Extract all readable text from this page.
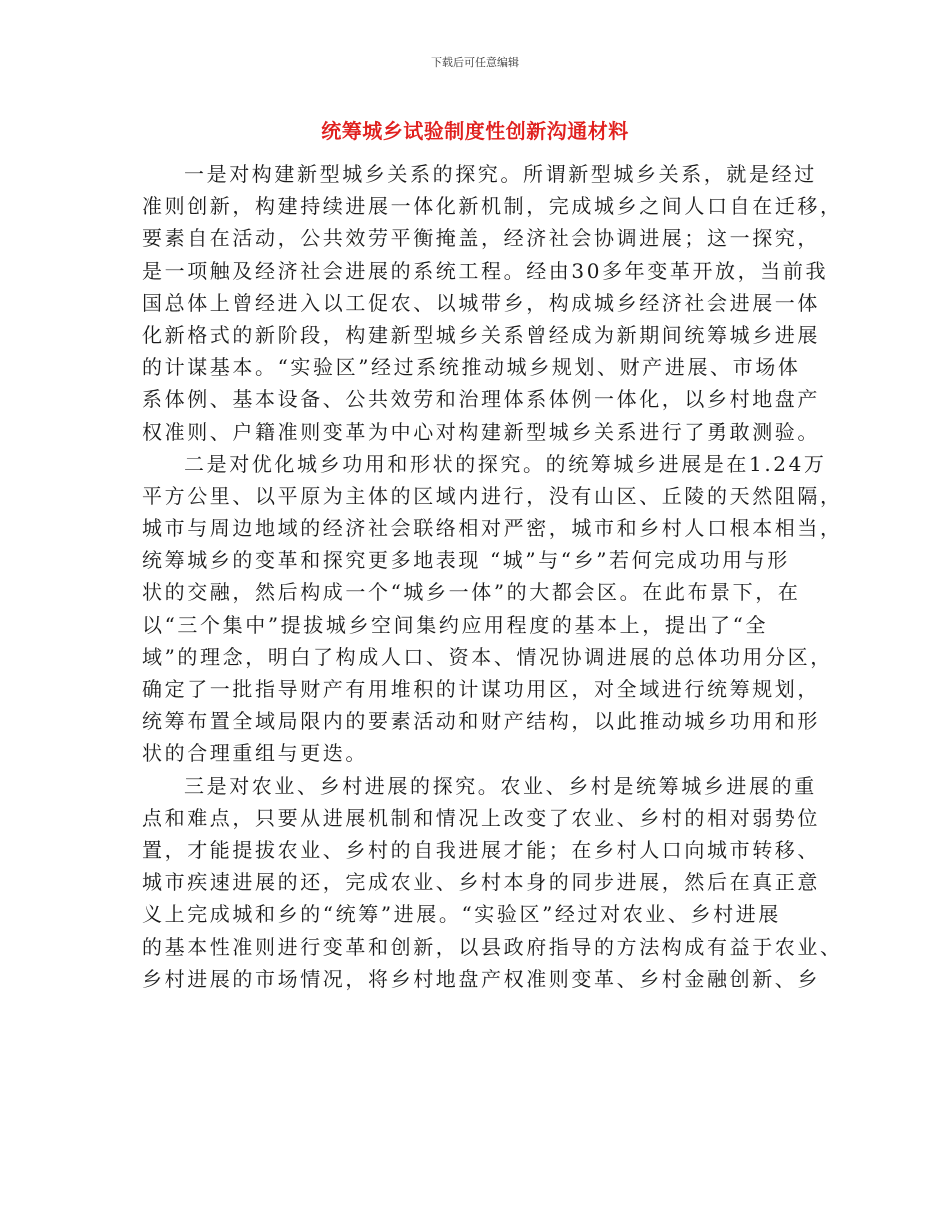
下载后可任意编辑
统筹城乡试验制度性创新沟通材料
一是对构建新型城乡关系的探究。所谓新型城乡关系，就是经过
准则创新，构建持续进展一体化新机制，完成城乡之间人口自在迁移，
要素自在活动，公共效劳平衡掩盖，经济社会协调进展；这一探究，
是一项触及经济社会进展的系统工程。经由30多年变革开放，当前我
国总体上曾经进入以工促农、以城带乡，构成城乡经济社会进展一体
化新格式的新阶段，构建新型城乡关系曾经成为新期间统筹城乡进展
的计谋基本。“实验区”经过系统推动城乡规划、财产进展、市场体
系体例、基本设备、公共效劳和治理体系体例一体化，以乡村地盘产
权准则、户籍准则变革为中心对构建新型城乡关系进行了勇敢测验。
二是对优化城乡功用和形状的探究。的统筹城乡进展是在1.24万
平方公里、以平原为主体的区域内进行，没有山区、丘陵的天然阻隔，
城市与周边地域的经济社会联络相对严密，城市和乡村人口根本相当，
统筹城乡的变革和探究更多地表现 “城”与“乡”若何完成功用与形
状的交融，然后构成一个“城乡一体”的大都会区。在此布景下，在
以“三个集中”提拔城乡空间集约应用程度的基本上，提出了“全
域”的理念，明白了构成人口、资本、情况协调进展的总体功用分区，
确定了一批指导财产有用堆积的计谋功用区，对全域进行统筹规划，
统筹布置全域局限内的要素活动和财产结构，以此推动城乡功用和形
状的合理重组与更迭。
三是对农业、乡村进展的探究。农业、乡村是统筹城乡进展的重
点和难点，只要从进展机制和情况上改变了农业、乡村的相对弱势位
置，才能提拔农业、乡村的自我进展才能；在乡村人口向城市转移、
城市疾速进展的还，完成农业、乡村本身的同步进展，然后在真正意
义上完成城和乡的“统筹”进展。“实验区”经过对农业、乡村进展
的基本性准则进行变革和创新，以县政府指导的方法构成有益于农业、
乡村进展的市场情况，将乡村地盘产权准则变革、乡村金融创新、乡
